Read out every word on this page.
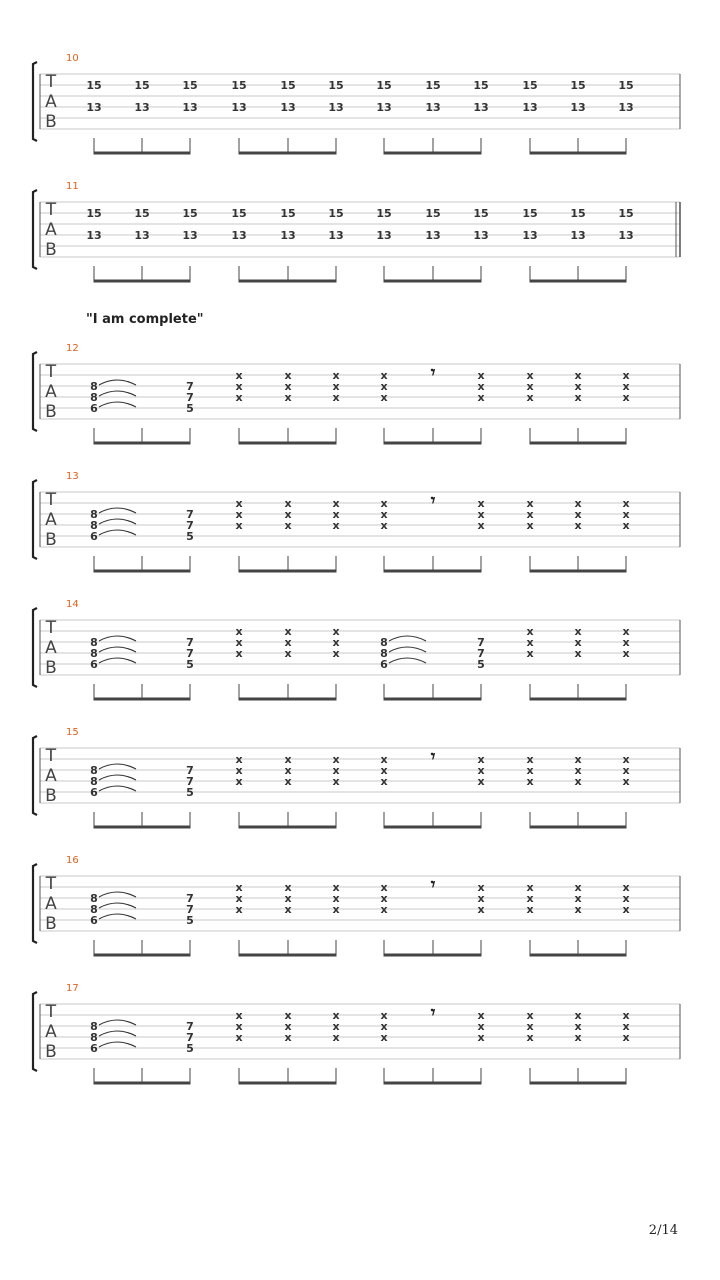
2/14
10
T
A
B
15
13
15
13
15
13
15
13
15
13
15
13
15
13
15
13
15
13
15
13
15
13
15
13
11
T
A
B
15
13
15
13
15
13
15
13
15
13
15
13
15
13
15
13
15
13
15
13
15
13
15
13
12
"I am complete"
T
A
B
8
8
6
7
7
5
x
x
x
x
x
x
x
x
x
x
x
x
𝄾	x
x
x
x
x
x
x
x
x
x
x
x
13
T
A
B
8
8
6
7
7
5
x
x
x
x
x
x
x
x
x
x
x
x
𝄾	x
x
x
x
x
x
x
x
x
x
x
x
14
T
A
B
8
8
6
7
7
5
x
x
x
x
x
x
x
x
x
8
8
6
7
7
5
x
x
x
x
x
x
x
x
x
15
T
A
B
8
8
6
7
7
5
x
x
x
x
x
x
x
x
x
x
x
x
𝄾	x
x
x
x
x
x
x
x
x
x
x
x
16
T
A
B
8
8
6
7
7
5
x
x
x
x
x
x
x
x
x
x
x
x
𝄾	x
x
x
x
x
x
x
x
x
x
x
x
17
T
A
B
8
8
6
7
7
5
x
x
x
x
x
x
x
x
x
x
x
x
𝄾	x
x
x
x
x
x
x
x
x
x
x
x
